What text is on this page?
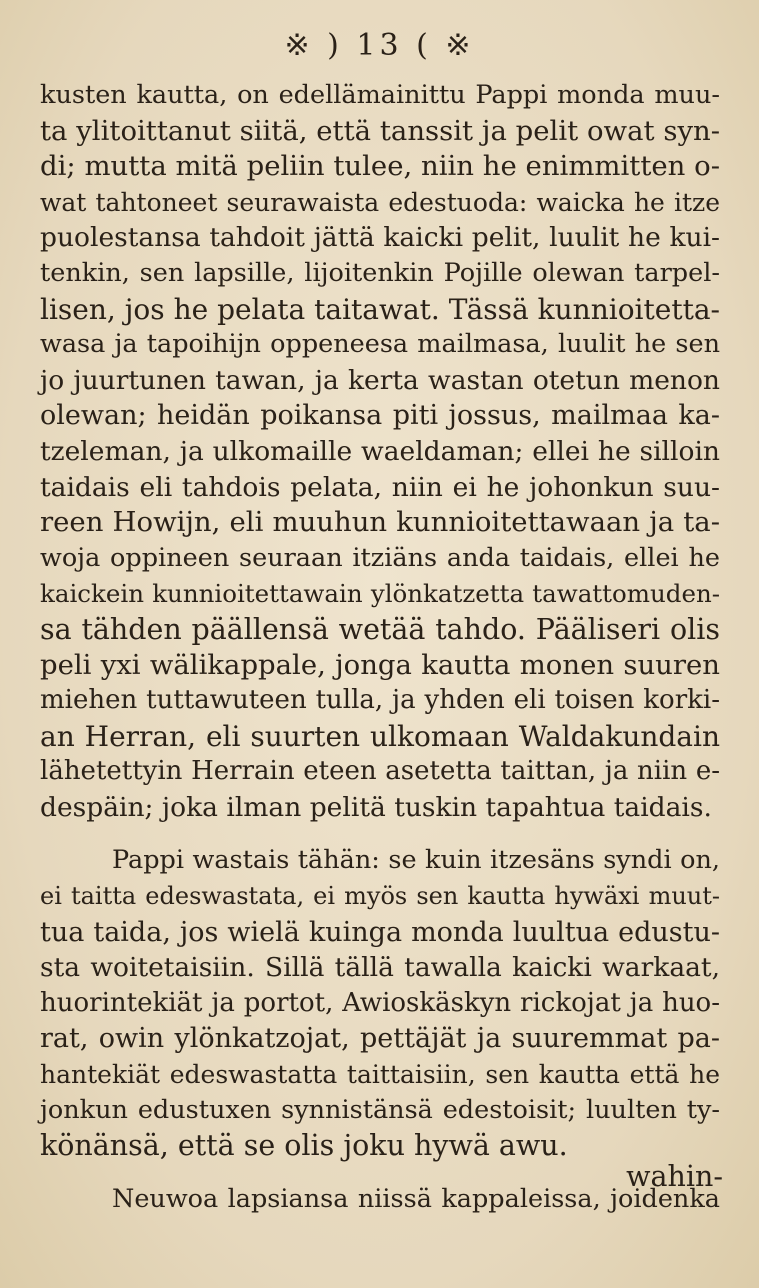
※ ) 13 ( ※
kusten kautta, on edellämainittu Pappi monda muu-
ta ylitoittanut siitä, että tanssit ja pelit owat syn-
di; mutta mitä peliin tulee, niin he enimmitten o-
wat tahtoneet seurawaista edestuoda: waicka he itze
puolestansa tahdoit jättä kaicki pelit, luulit he kui-
tenkin, sen lapsille, lijoitenkin Pojille olewan tarpel-
lisen, jos he pelata taitawat. Tässä kunnioitetta-
wasa ja tapoihijn oppeneesa mailmasa, luulit he sen
jo juurtunen tawan, ja kerta wastan otetun menon
olewan; heidän poikansa piti jossus, mailmaa ka-
tzeleman, ja ulkomaille waeldaman; ellei he silloin
taidais eli tahdois pelata, niin ei he johonkun suu-
reen Howijn, eli muuhun kunnioitettawaan ja ta-
woja oppineen seuraan itziäns anda taidais, ellei he
kaickein kunnioitettawain ylönkatzetta tawattomuden-
sa tähden päällensä wetää tahdo. Pääliseri olis
peli yxi wälikappale, jonga kautta monen suuren
miehen tuttawuteen tulla, ja yhden eli toisen korki-
an Herran, eli suurten ulkomaan Waldakundain
lähetettyin Herrain eteen asetetta taittan, ja niin e-
despäin; joka ilman pelitä tuskin tapahtua taidais.
Pappi wastais tähän: se kuin itzesäns syndi on,
ei taitta edeswastata, ei myös sen kautta hywäxi muut-
tua taida, jos wielä kuinga monda luultua edustu-
sta woitetaisiin. Sillä tällä tawalla kaicki warkaat,
huorintekiät ja portot, Awioskäskyn rickojat ja huo-
rat, owin ylönkatzojat, pettäjät ja suuremmat pa-
hantekiät edeswastatta taittaisiin, sen kautta että he
jonkun edustuxen synnistänsä edestoisit; luulten ty-
könänsä, että se olis joku hywä awu.
Neuwoa lapsiansa niissä kappaleissa, joidenka
wahin-
